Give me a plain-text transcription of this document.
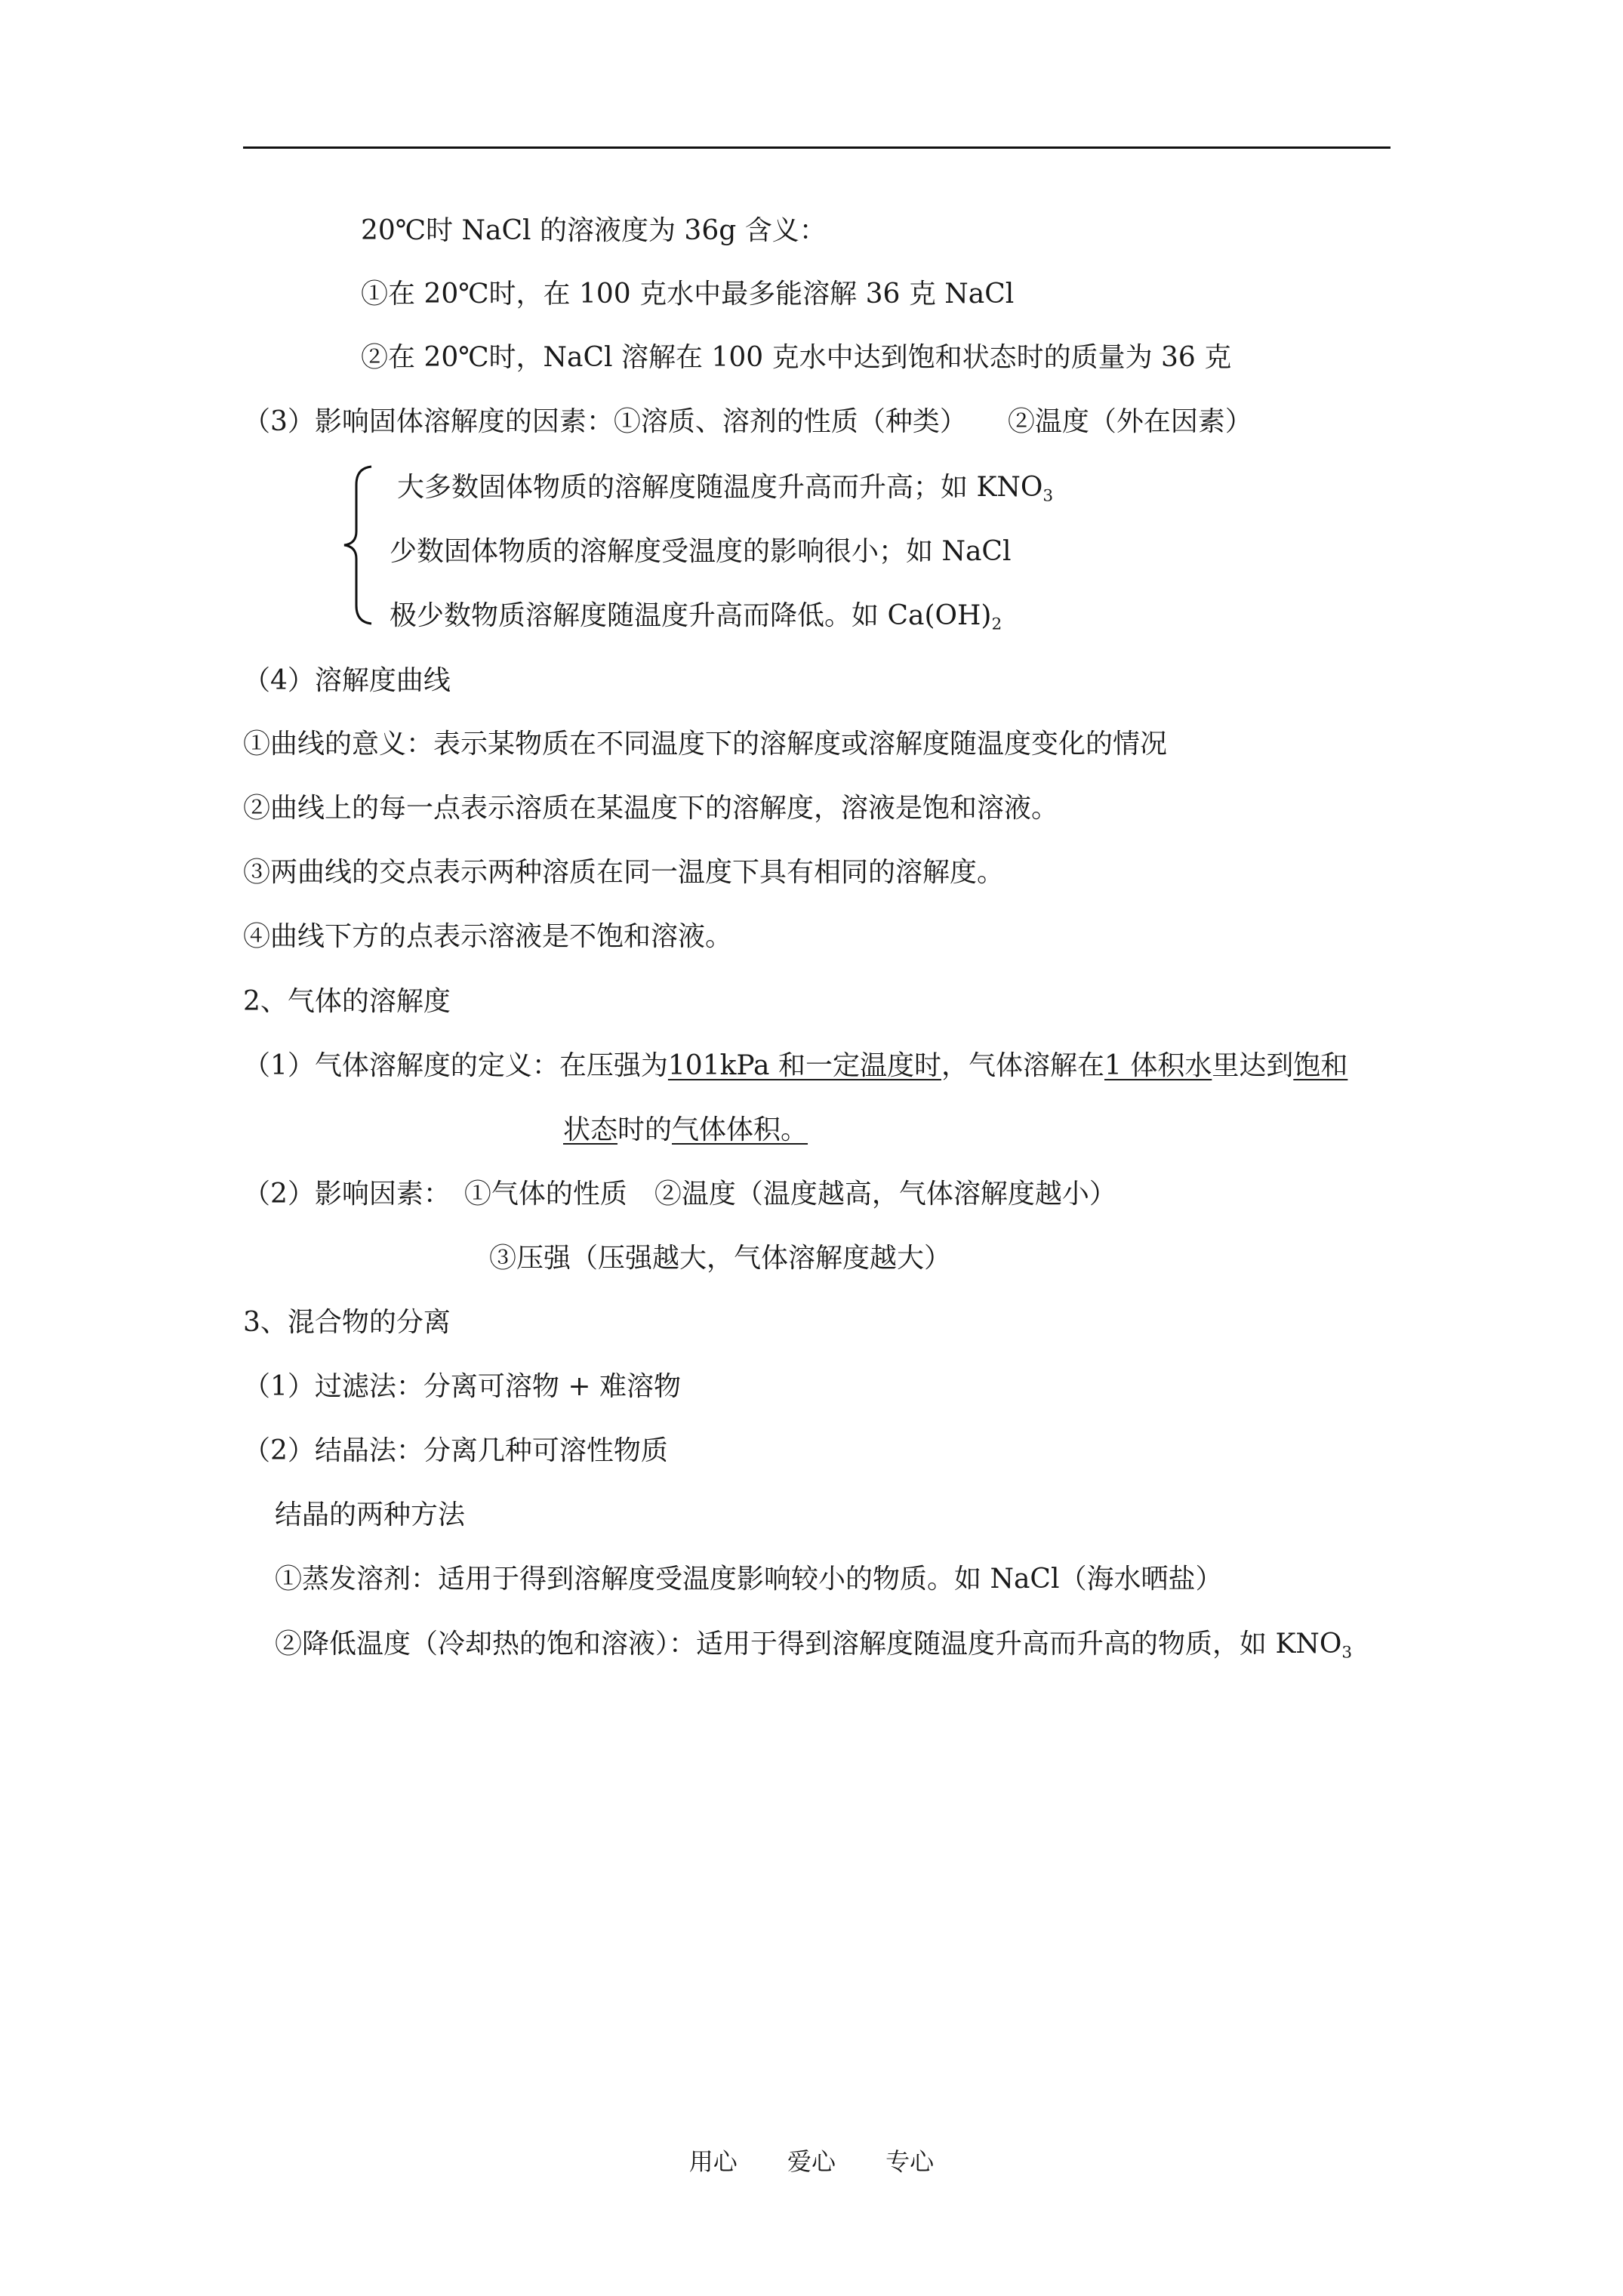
20℃时 NaCl 的溶液度为 36g 含义：
①在 20℃时，在 100 克水中最多能溶解 36 克 NaCl
②在 20℃时，NaCl 溶解在 100 克水中达到饱和状态时的质量为 36 克
（3）影响固体溶解度的因素：①溶质、溶剂的性质（种类）　　②温度（外在因素）
大多数固体物质的溶解度随温度升高而升高；如 $KNO_3$
少数固体物质的溶解度受温度的影响很小；如 NaCl
极少数物质溶解度随温度升高而降低。如 $Ca(OH)_2$
（4）溶解度曲线
①曲线的意义：表示某物质在不同温度下的溶解度或溶解度随温度变化的情况
②曲线上的每一点表示溶质在某温度下的溶解度，溶液是饱和溶液。
③两曲线的交点表示两种溶质在同一温度下具有相同的溶解度。
④曲线下方的点表示溶液是不饱和溶液。
2、气体的溶解度
（1）气体溶解度的定义：在压强为101kPa 和一定温度时，气体溶解在1 体积水里达到饱和
状态时的气体体积。
（2）影响因素：　①气体的性质　②温度（温度越高，气体溶解度越小）
③压强（压强越大，气体溶解度越大）
3、混合物的分离
（1）过滤法：分离可溶物 + 难溶物
（2）结晶法：分离几种可溶性物质
结晶的两种方法
①蒸发溶剂：适用于得到溶解度受温度影响较小的物质。如 NaCl（海水晒盐）
②降低温度（冷却热的饱和溶液）：适用于得到溶解度随温度升高而升高的物质，如 $KNO_3$
用心 爱心 专心
